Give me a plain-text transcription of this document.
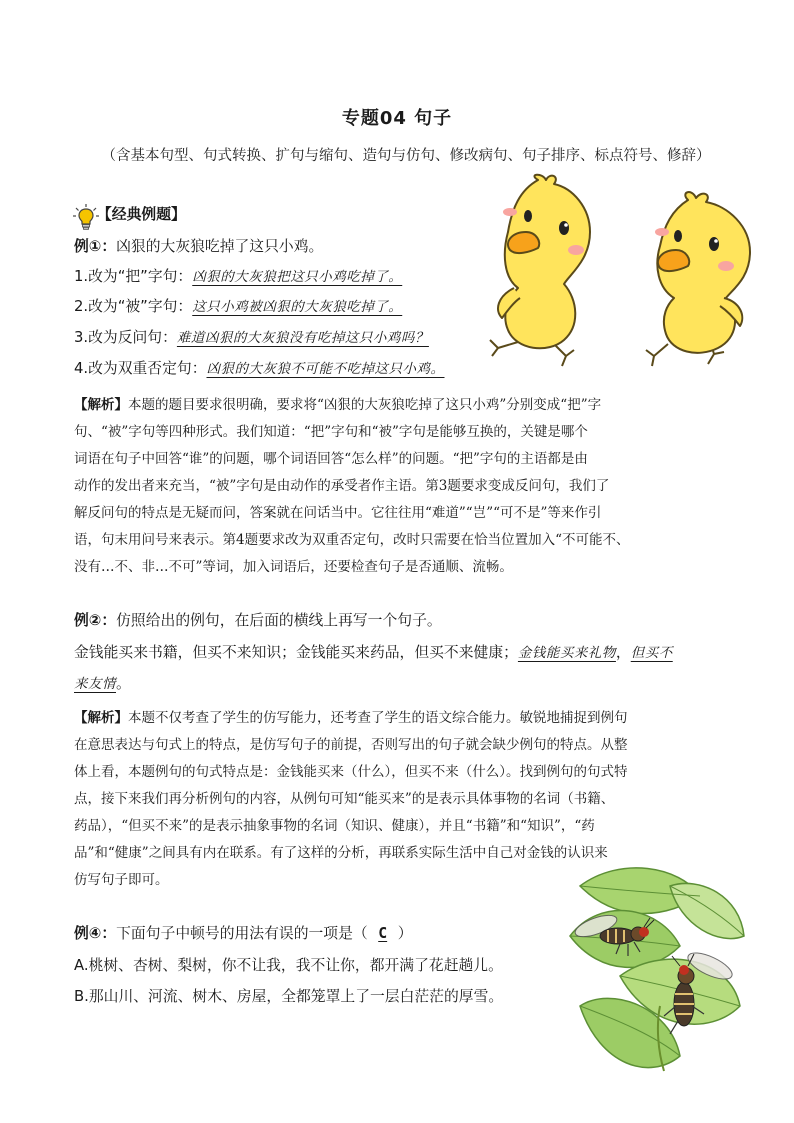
专题04 句子
（含基本句型、句式转换、扩句与缩句、造句与仿句、修改病句、句子排序、标点符号、修辞）
【经典例题】
例①：凶狠的大灰狼吃掉了这只小鸡。
1.改为“把”字句：凶狠的大灰狼把这只小鸡吃掉了。
2.改为“被”字句：这只小鸡被凶狠的大灰狼吃掉了。
3.改为反问句：难道凶狠的大灰狼没有吃掉这只小鸡吗？
4.改为双重否定句：凶狠的大灰狼不可能不吃掉这只小鸡。

【解析】本题的题目要求很明确，要求将“凶狠的大灰狼吃掉了这只小鸡”分别变成“把”字

句、“被”字句等四种形式。我们知道：“把”字句和“被”字句是能够互换的，关键是哪个

词语在句子中回答“谁”的问题，哪个词语回答“怎么样”的问题。“把”字句的主语都是由

动作的发出者来充当，“被”字句是由动作的承受者作主语。第3题要求变成反问句，我们了

解反问句的特点是无疑而问，答案就在问话当中。它往往用“难道”“岂”“可不是”等来作引

语，句末用问号来表示。第4题要求改为双重否定句，改时只需要在恰当位置加入“不可能不、

没有…不、非…不可”等词，加入词语后，还要检查句子是否通顺、流畅。

例②：仿照给出的例句，在后面的横线上再写一个句子。
金钱能买来书籍，但买不来知识；金钱能买来药品，但买不来健康；金钱能买来礼物，但买不
来友情。

【解析】本题不仅考查了学生的仿写能力，还考查了学生的语文综合能力。敏锐地捕捉到例句

在意思表达与句式上的特点，是仿写句子的前提，否则写出的句子就会缺少例句的特点。从整

体上看，本题例句的句式特点是：金钱能买来（什么），但买不来（什么）。找到例句的句式特

点，接下来我们再分析例句的内容，从例句可知“能买来”的是表示具体事物的名词（书籍、

药品），“但买不来”的是表示抽象事物的名词（知识、健康），并且“书籍”和“知识”，“药

品”和“健康”之间具有内在联系。有了这样的分析，再联系实际生活中自己对金钱的认识来

仿写句子即可。

例④：下面句子中顿号的用法有误的一项是（ C ）
A.桃树、杏树、梨树，你不让我，我不让你，都开满了花赶趟儿。
B.那山川、河流、树木、房屋，全都笼罩上了一层白茫茫的厚雪。
